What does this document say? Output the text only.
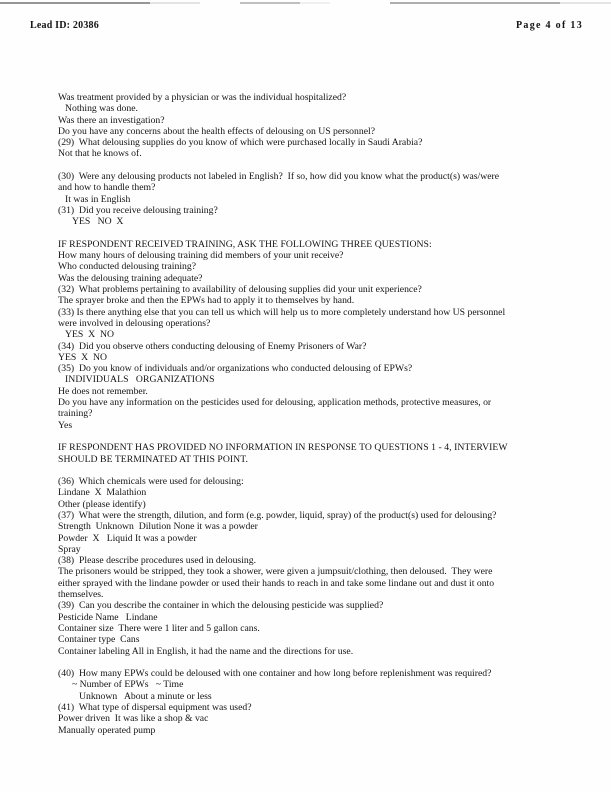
Lead ID: 20386	Page 4 of 13
Was treatment provided by a physician or was the individual hospitalized?
Nothing was done.
Was there an investigation?
Do you have any concerns about the health effects of delousing on US personnel?
(29)  What delousing supplies do you know of which were purchased locally in Saudi Arabia?
Not that he knows of.
(30)  Were any delousing products not labeled in English?  If so, how did you know what the product(s) was/were
and how to handle them?
It was in English
(31)  Did you receive delousing training?
YES   NO  X
IF RESPONDENT RECEIVED TRAINING, ASK THE FOLLOWING THREE QUESTIONS:
How many hours of delousing training did members of your unit receive?
Who conducted delousing training?
Was the delousing training adequate?
(32)  What problems pertaining to availability of delousing supplies did your unit experience?
The sprayer broke and then the EPWs had to apply it to themselves by hand.
(33) Is there anything else that you can tell us which will help us to more completely understand how US personnel
were involved in delousing operations?
YES  X  NO
(34)  Did you observe others conducting delousing of Enemy Prisoners of War?
YES  X  NO
(35)  Do you know of individuals and/or organizations who conducted delousing of EPWs?
INDIVIDUALS   ORGANIZATIONS
He does not remember.
Do you have any information on the pesticides used for delousing, application methods, protective measures, or
training?
Yes
IF RESPONDENT HAS PROVIDED NO INFORMATION IN RESPONSE TO QUESTIONS 1 - 4, INTERVIEW
SHOULD BE TERMINATED AT THIS POINT.
(36)  Which chemicals were used for delousing:
Lindane  X  Malathion
Other (please identify)
(37)  What were the strength, dilution, and form (e.g. powder, liquid, spray) of the product(s) used for delousing?
Strength  Unknown  Dilution None it was a powder
Powder  X   Liquid It was a powder
Spray
(38)  Please describe procedures used in delousing.
The prisoners would be stripped, they took a shower, were given a jumpsuit/clothing, then deloused.  They were
either sprayed with the lindane powder or used their hands to reach in and take some lindane out and dust it onto
themselves.
(39)  Can you describe the container in which the delousing pesticide was supplied?
Pesticide Name   Lindane
Container size  There were 1 liter and 5 gallon cans.
Container type  Cans
Container labeling All in English, it had the name and the directions for use.
(40)  How many EPWs could be deloused with one container and how long before replenishment was required?
~ Number of EPWs   ~ Time
Unknown   About a minute or less
(41)  What type of dispersal equipment was used?
Power driven  It was like a shop & vac
Manually operated pump
